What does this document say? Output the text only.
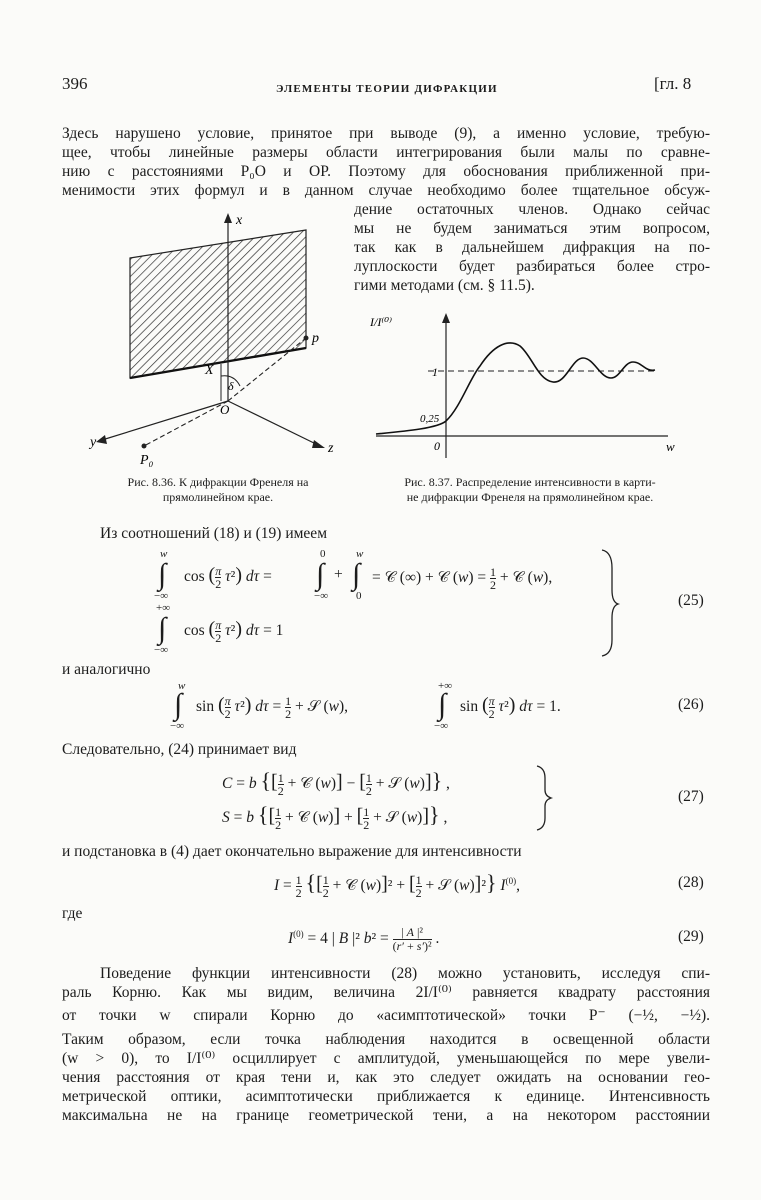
396	ЭЛЕМЕНТЫ ТЕОРИИ ДИФРАКЦИИ	[гл. 8
Здесь нарушено условие, принятое при выводе (9), а именно условие, требую-
щее, чтобы линейные размеры области интегрирования были малы по сравне-
нию с расстояниями P₀O и OP. Поэтому для обоснования приближенной при-
менимости этих формул и в данном случае необходимо более тщательное обсуж-
дение остаточных членов. Однако сейчас
мы не будем заниматься этим вопросом,
так как в дальнейшем дифракция на по-
луплоскости будет разбираться более стро-
гими методами (см. § 11.5).
x
y	z
p
P₀
X
O
δ
Рис. 8.36. К дифракции Френеля на
прямолинейном крае.
I/I⁽⁰⁾
w
1
0,25
0
Рис. 8.37. Распределение интенсивности в карти-
не дифракции Френеля на прямолинейном крае.
Из соотношений (18) и (19) имеем
w
∫
−∞
$\cos (\frac{\pi}{2} \tau^2) d\tau$ =
0
∫
−∞
+
w
∫
0
= 𝒞 (∞) + 𝒞 (w) = 1
2 + 𝒞 (w),
+∞
∫
−∞
$\cos (\frac{\pi}{2} \tau^2) d\tau = 1$
(25)
и аналогично
w
∫
−∞
$\sin (\frac{\pi}{2} \tau^2) d\tau = 1$
2 + 𝒮 (w),
+∞
∫
−∞
$\sin (\frac{\pi}{2} \tau^2) d\tau = 1$.	(26)
Следовательно, (24) принимает вид
C = b {[1
2 + 𝒞 (w)] − [1
2 + 𝒮 (w)]} ,
S = b {[1
2 + 𝒞 (w)] + [1
2 + 𝒮 (w)]} ,
(27)
и подстановка в (4) дает окончательно выражение для интенсивности
I = 1
2 {[1
2 + 𝒞 (w)]² + [1
2 + 𝒮 (w)]²} $I^{(0)}$,	(28)
где
$I^{(0)} = 4$ | B |² b² = | A |²
(r′ + s′)² .	(29)
Поведение функции интенсивности (28) можно установить, исследуя спи-
раль Корню. Как мы видим, величина 2I/I⁽⁰⁾ равняется квадрату расстояния
от точки w спирали Корню до «асимптотической» точки P⁻ (−½, −½).
Таким образом, если точка наблюдения находится в освещенной области
(w > 0), то I/I⁽⁰⁾ осциллирует с амплитудой, уменьшающейся по мере увели-
чения расстояния от края тени и, как это следует ожидать на основании гео-
метрической оптики, асимптотически приближается к единице. Интенсивность
максимальна не на границе геометрической тени, а на некотором расстоянии
